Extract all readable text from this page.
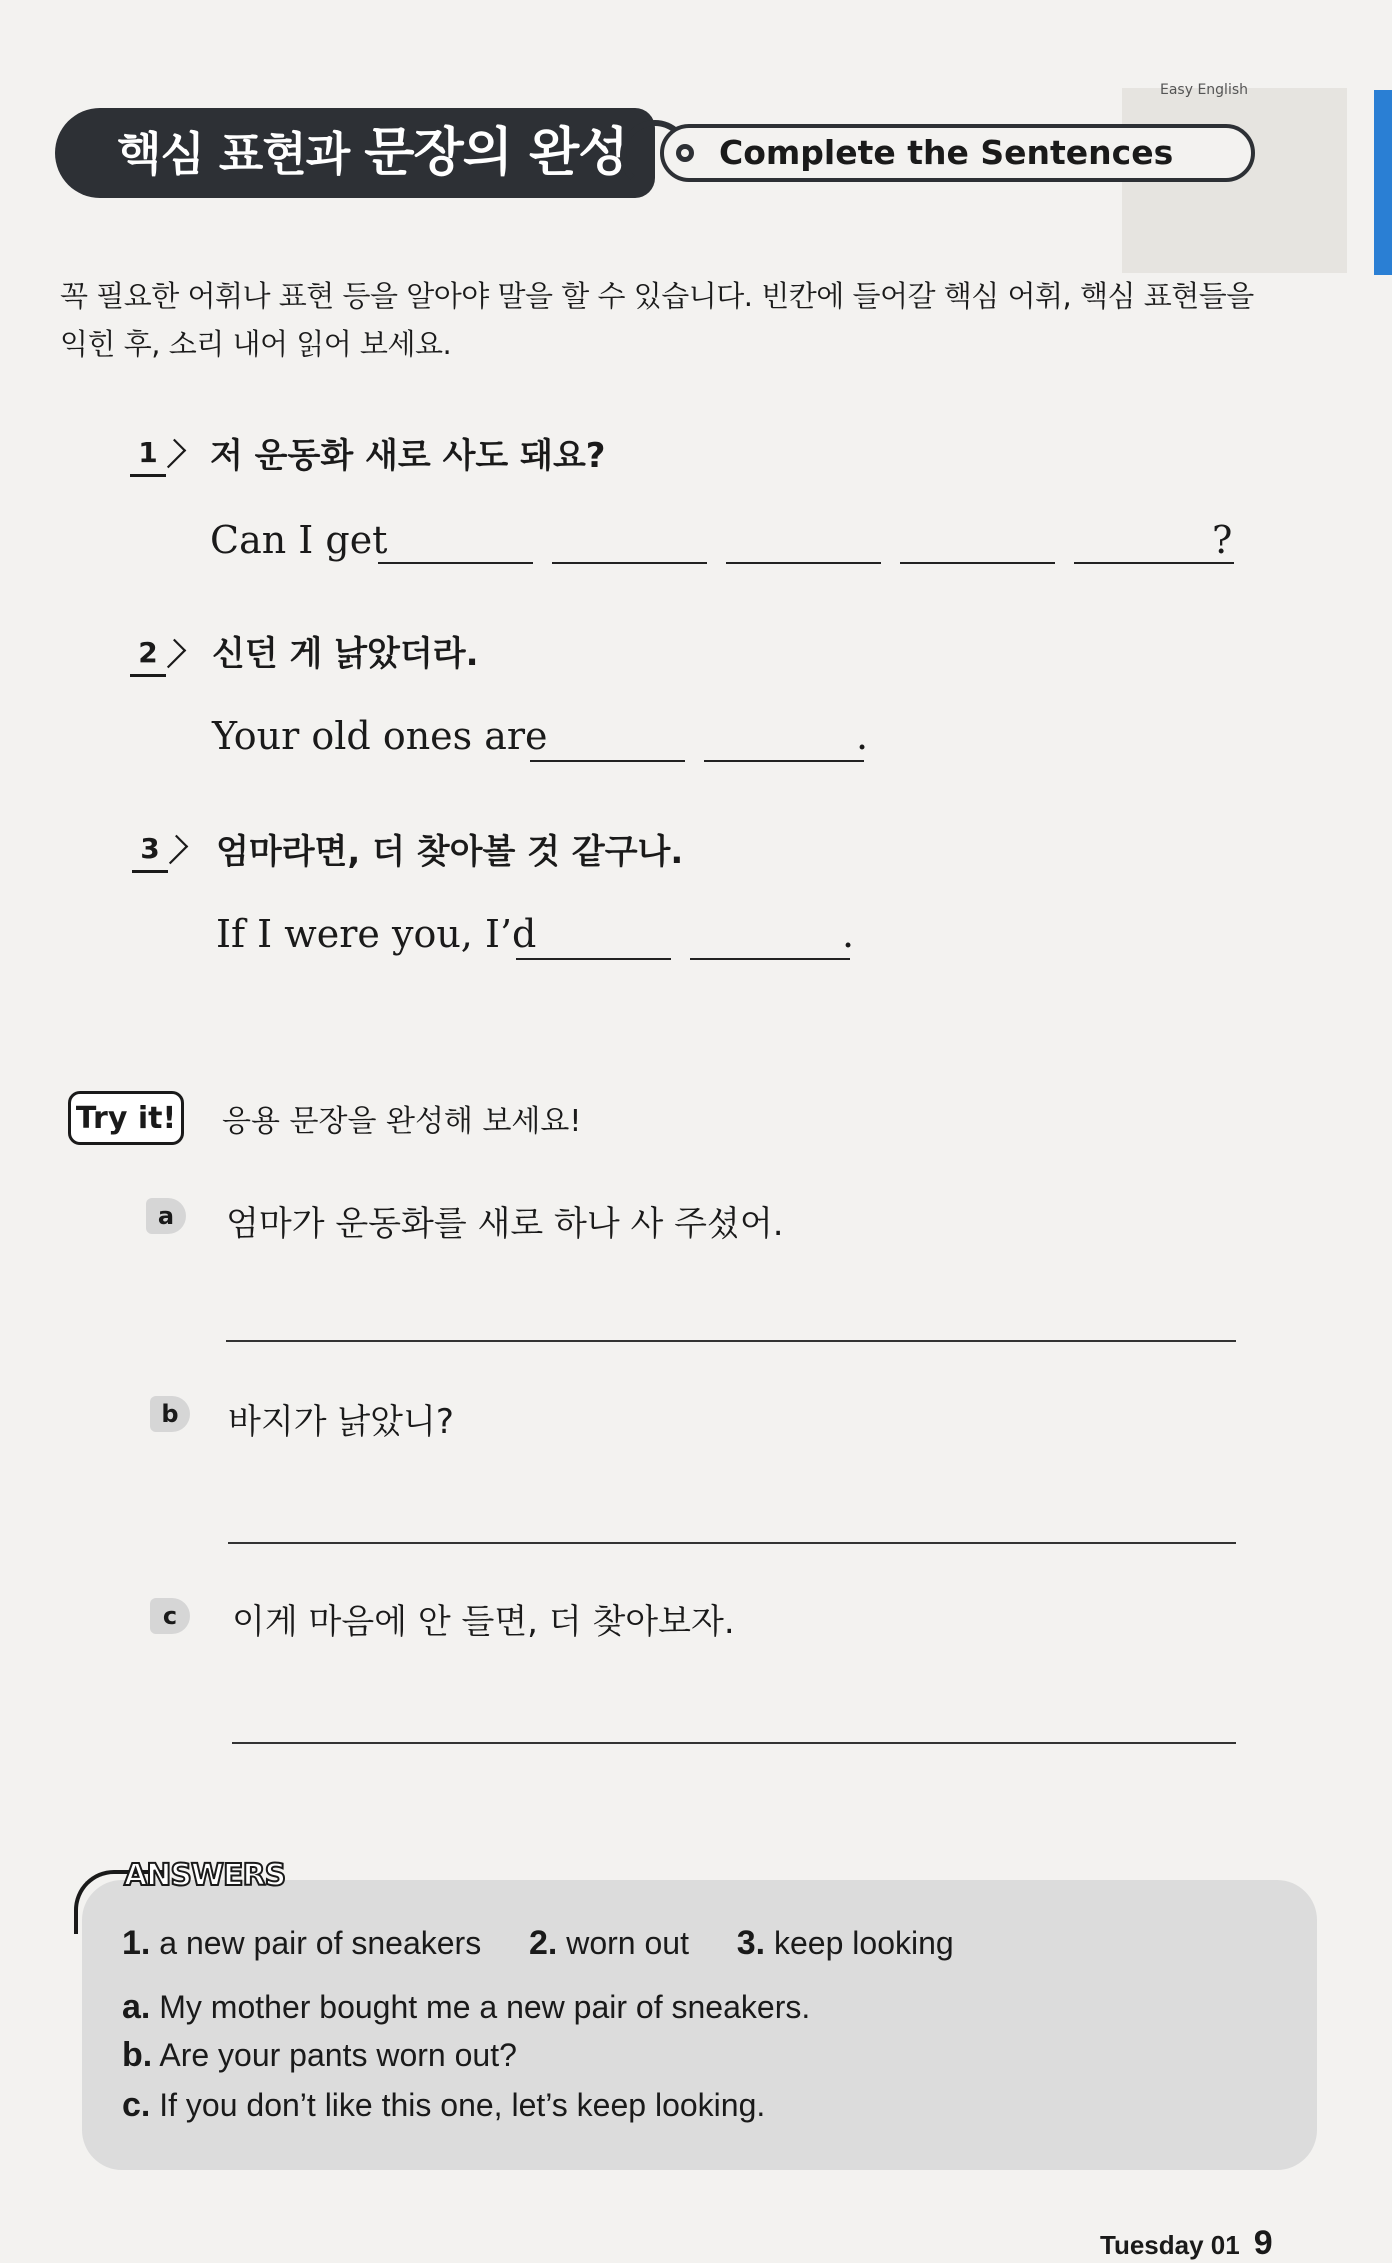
Easy English
핵심 표현과 문장의 완성	Complete the Sentences
꼭 필요한 어휘나 표현 등을 알아야 말을 할 수 있습니다. 빈칸에 들어갈 핵심 어휘, 핵심 표현들을 익힌 후, 소리 내어 읽어 보세요.
1 저 운동화 새로 사도 돼요?
Can I get
	?
2 신던 게 낡았더라.
Your old ones are
	.
3 엄마라면, 더 찾아볼 것 같구나.
If I were you, I’d
	.
Try it! 응용 문장을 완성해 보세요!
a	엄마가 운동화를 새로 하나 사 주셨어.
b	바지가 낡았니?
c	이게 마음에 안 들면, 더 찾아보자.
ANSWERS
1. a new pair of sneakers 2. worn out 3. keep looking
a. My mother bought me a new pair of sneakers.
b. Are your pants worn out?
c. If you don’t like this one, let’s keep looking.
Tuesday 01 9
